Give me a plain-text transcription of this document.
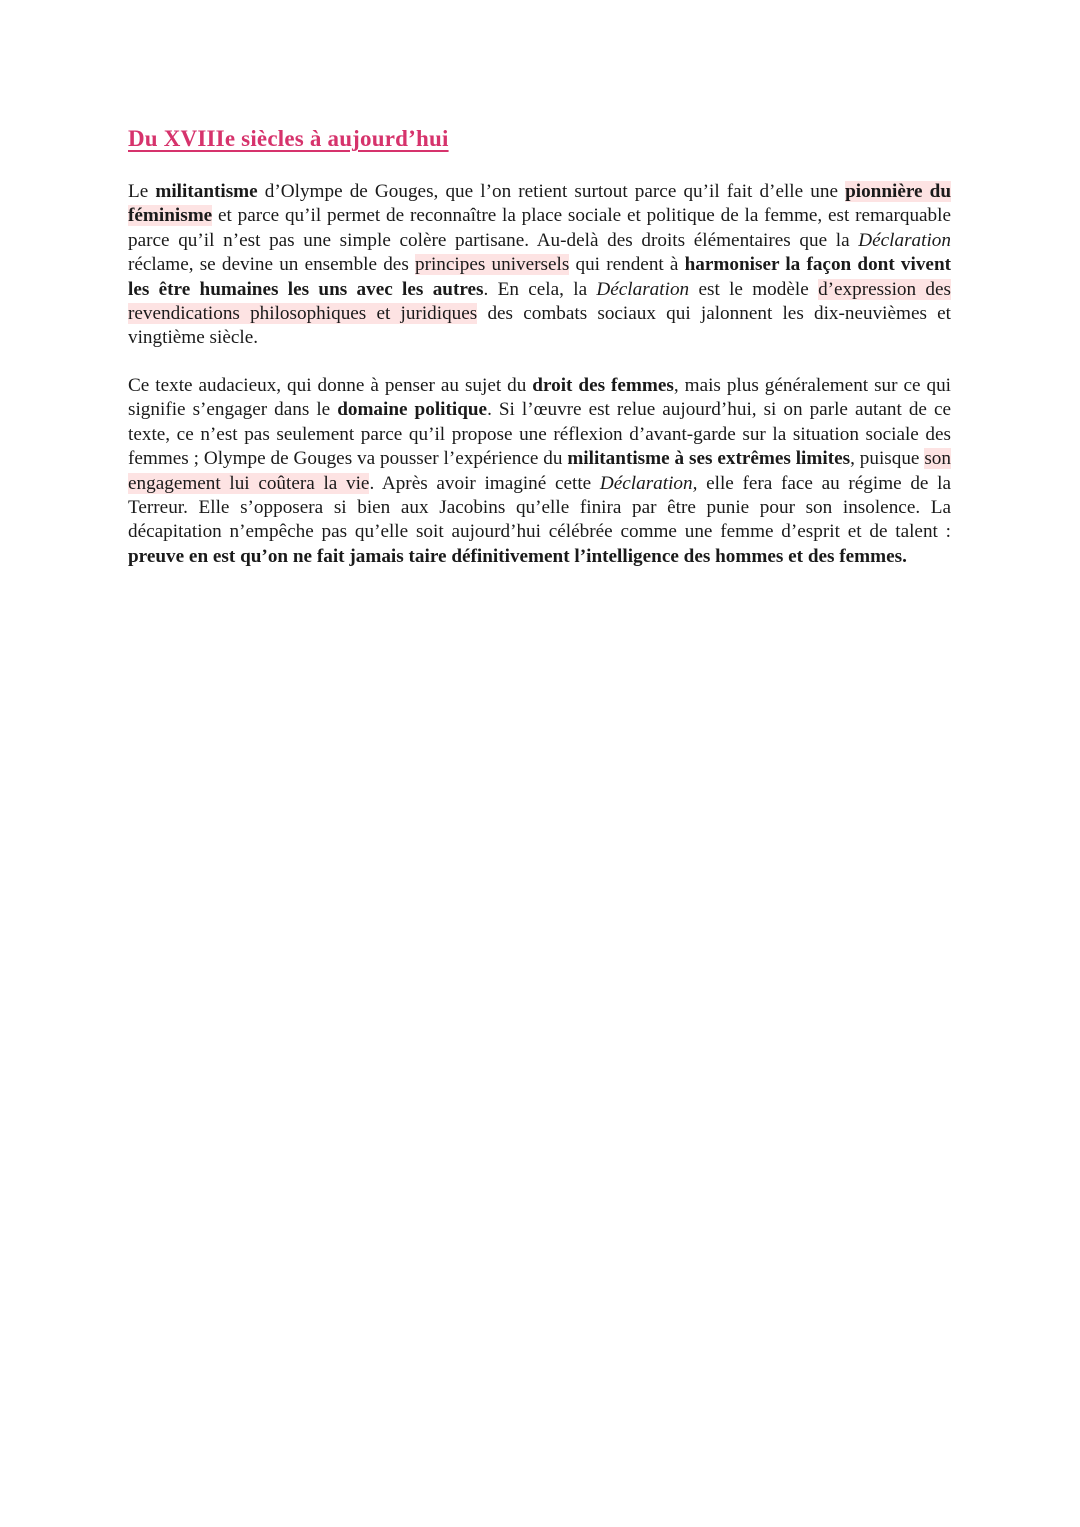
Du XVIIIe siècles à aujourd’hui

Le militantisme d’Olympe de Gouges, que l’on retient surtout parce qu’il fait d’elle une pionnière du féminisme et parce qu’il permet de reconnaître la place sociale et politique de la femme, est remarquable parce qu’il n’est pas une simple colère partisane. Au-delà des droits élémentaires que la Déclaration réclame, se devine un ensemble des principes universels qui rendent à harmoniser la façon dont vivent les être humaines les uns avec les autres. En cela, la Déclaration est le modèle d’expression des revendications philosophiques et juridiques des combats sociaux qui jalonnent les dix-neuvièmes et vingtième siècle.

Ce texte audacieux, qui donne à penser au sujet du droit des femmes, mais plus généralement sur ce qui signifie s’engager dans le domaine politique. Si l’œuvre est relue aujourd’hui, si on parle autant de ce texte, ce n’est pas seulement parce qu’il propose une réflexion d’avant-garde sur la situation sociale des femmes ; Olympe de Gouges va pousser l’expérience du militantisme à ses extrêmes limites, puisque son engagement lui coûtera la vie. Après avoir imaginé cette Déclaration, elle fera face au régime de la Terreur. Elle s’opposera si bien aux Jacobins qu’elle finira par être punie pour son insolence. La décapitation n’empêche pas qu’elle soit aujourd’hui célébrée comme une femme d’esprit et de talent : preuve en est qu’on ne fait jamais taire définitivement l’intelligence des hommes et des femmes.
